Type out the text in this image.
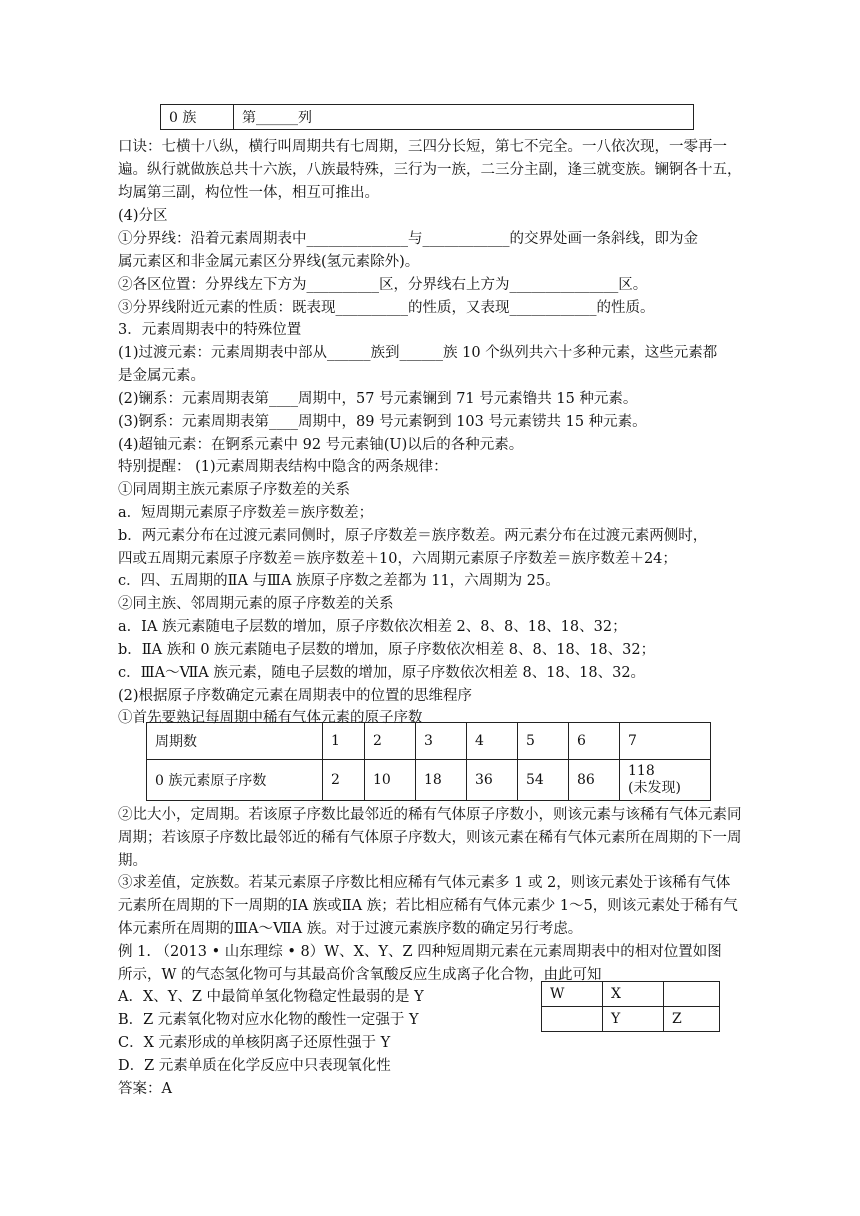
0 族	第______列
口诀：七横十八纵，横行叫周期共有七周期，三四分长短，第七不完全。一八依次现，一零再一遍。纵行就做族总共十六族，八族最特殊，三行为一族，二三分主副，逢三就变族。镧锕各十五，均属第三副，构位性一体，相互可推出。
(4)分区
①分界线：沿着元素周期表中______________与____________的交界处画一条斜线，即为金
属元素区和非金属元素区分界线(氢元素除外)。
②各区位置：分界线左下方为__________区，分界线右上方为_______________区。
③分界线附近元素的性质：既表现__________的性质，又表现____________的性质。
3．元素周期表中的特殊位置
(1)过渡元素：元素周期表中部从______族到______族 10 个纵列共六十多种元素，这些元素都
是金属元素。
(2)镧系：元素周期表第____周期中，57 号元素镧到 71 号元素镥共 15 种元素。
(3)锕系：元素周期表第____周期中，89 号元素锕到 103 号元素铹共 15 种元素。
(4)超铀元素：在锕系元素中 92 号元素铀(U)以后的各种元素。
特别提醒： (1)元素周期表结构中隐含的两条规律：
①同周期主族元素原子序数差的关系
a．短周期元素原子序数差＝族序数差；
b．两元素分布在过渡元素同侧时，原子序数差＝族序数差。两元素分布在过渡元素两侧时，
四或五周期元素原子序数差＝族序数差＋10，六周期元素原子序数差＝族序数差＋24；
c．四、五周期的ⅡA 与ⅢA 族原子序数之差都为 11，六周期为 25。
②同主族、邻周期元素的原子序数差的关系
a．ⅠA 族元素随电子层数的增加，原子序数依次相差 2、8、8、18、18、32；
b．ⅡA 族和 0 族元素随电子层数的增加，原子序数依次相差 8、8、18、18、32；
c．ⅢA～ⅦA 族元素，随电子层数的增加，原子序数依次相差 8、18、18、32。
(2)根据原子序数确定元素在周期表中的位置的思维程序
①首先要熟记每周期中稀有气体元素的原子序数
周期数	1	2	3	4	5	6	7
0 族元素原子序数	2	10	18	36	54	86	118
(未发现)
②比大小，定周期。若该原子序数比最邻近的稀有气体原子序数小，则该元素与该稀有气体元素同周期；若该原子序数比最邻近的稀有气体原子序数大，则该元素在稀有气体元素所在周期的下一周期。
③求差值，定族数。若某元素原子序数比相应稀有气体元素多 1 或 2，则该元素处于该稀有气体元素所在周期的下一周期的ⅠA 族或ⅡA 族；若比相应稀有气体元素少 1～5，则该元素处于稀有气体元素所在周期的ⅢA～ⅦA 族。对于过渡元素族序数的确定另行考虑。
例 1. （2013 • 山东理综 • 8）W、X、Y、Z 四种短周期元素在元素周期表中的相对位置如图
所示，W 的气态氢化物可与其最高价含氧酸反应生成离子化合物，由此可知
A．X、Y、Z 中最简单氢化物稳定性最弱的是 Y
B．Z 元素氧化物对应水化物的酸性一定强于 Y
C．X 元素形成的单核阴离子还原性强于 Y
D．Z 元素单质在化学反应中只表现氧化性
答案：A
W	X	
	Y	Z
